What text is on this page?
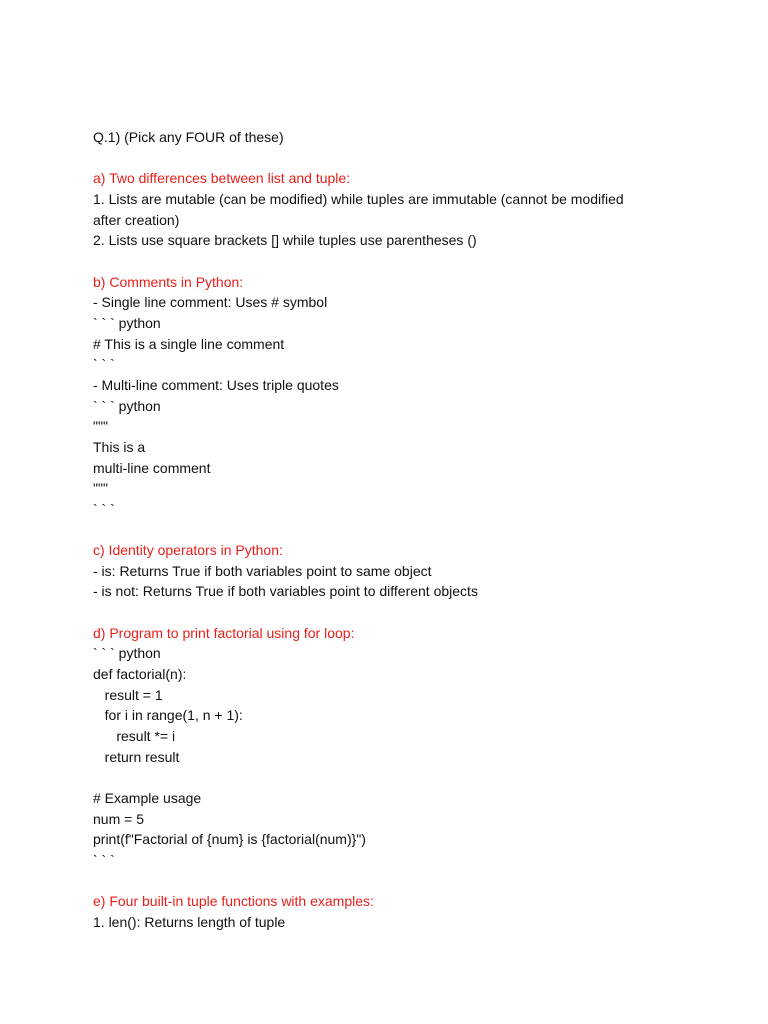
Q.1) (Pick any FOUR of these)
a) Two differences between list and tuple:
1. Lists are mutable (can be modified) while tuples are immutable (cannot be modified
after creation)
2. Lists use square brackets [] while tuples use parentheses ()
b) Comments in Python:
- Single line comment: Uses # symbol
` ` ` python
# This is a single line comment
` ` `
- Multi-line comment: Uses triple quotes
` ` ` python
"""
This is a
multi-line comment
"""
` ` `
c) Identity operators in Python:
- is: Returns True if both variables point to same object
- is not: Returns True if both variables point to different objects
d) Program to print factorial using for loop:
` ` ` python
def factorial(n):
result = 1
for i in range(1, n + 1):
result *= i
return result
# Example usage
num = 5
print(f"Factorial of {num} is {factorial(num)}")
` ` `
e) Four built-in tuple functions with examples:
1. len(): Returns length of tuple
